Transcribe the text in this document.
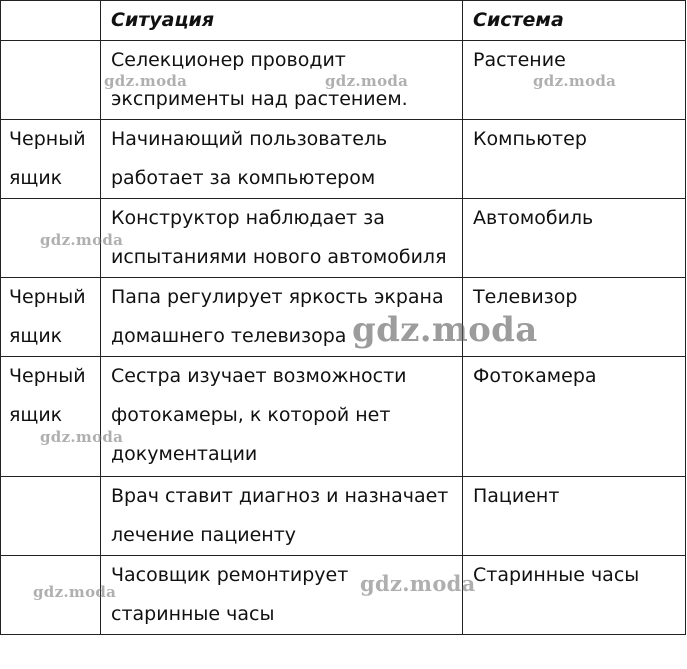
	Ситуация	Система
	Селекционер проводит эксприменты над растением.	Растение
Черный ящик	Начинающий пользователь работает за компьютером	Компьютер
	Конструктор наблюдает за испытаниями нового автомобиля	Автомобиль
Черный ящик	Папа регулирует яркость экрана домашнего телевизора	Телевизор
Черный ящик	Сестра изучает возможности фотокамеры, к которой нет документации	Фотокамера
	Врач ставит диагноз и назначает лечение пациенту	Пациент
	Часовщик ремонтирует старинные часы	Старинные часы
gdz.moda	gdz.moda	gdz.moda
gdz.moda
gdz.moda
gdz.moda
gdz.moda	gdz.moda
